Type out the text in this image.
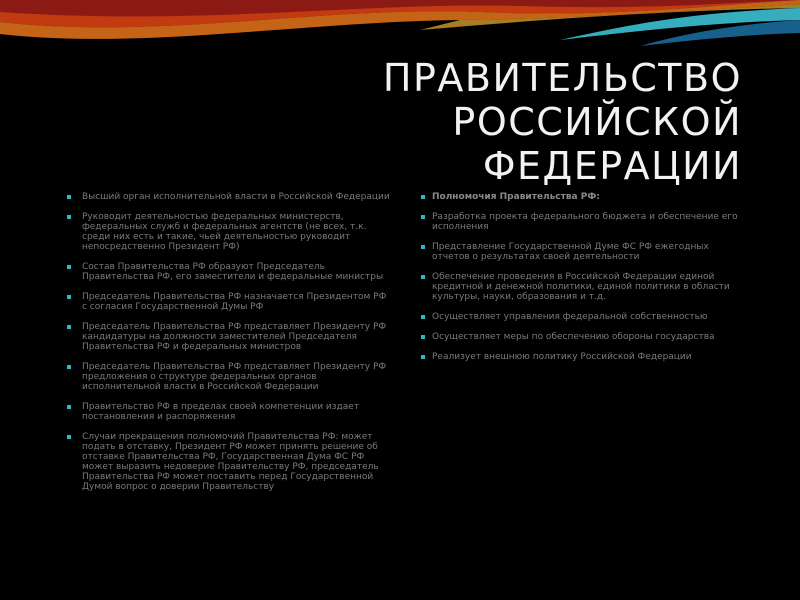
ПРАВИТЕЛЬСТВО
РОССИЙСКОЙ
ФЕДЕРАЦИИ
Высший орган исполнительной власти в Российской Федерации
Руководит деятельностью федеральных министерств, федеральных служб и федеральных агентств (не всех, т.к. среди них есть и такие, чьей деятельностью руководит непосредственно Президент РФ)
Состав Правительства РФ образуют Председатель Правительства РФ, его заместители и федеральные министры
Председатель Правительства РФ назначается Президентом РФ с согласия Государственной Думы РФ
Председатель Правительства РФ представляет Президенту РФ кандидатуры на должности заместителей Председателя Правительства РФ и федеральных министров
Председатель Правительства РФ представляет Президенту РФ предложения о структуре федеральных органов исполнительной власти в Российской Федерации
Правительство РФ в пределах своей компетенции издает постановления и распоряжения
Случаи прекращения полномочий Правительства РФ: может подать в отставку, Президент РФ может принять решение об отставке Правительства РФ, Государственная Дума ФС РФ может выразить недоверие Правительству РФ, председатель Правительства РФ может поставить перед Государственной Думой вопрос о доверии Правительству
Полномочия Правительства РФ:
Разработка проекта федерального бюджета и обеспечение его исполнения
Представление Государственной Думе ФС РФ ежегодных отчетов о результатах своей деятельности
Обеспечение проведения в Российской Федерации единой кредитной и денежной политики, единой политики в области культуры, науки, образования и т.д.
Осуществляет управления федеральной собственностью
Осуществляет меры по обеспечению обороны государства
Реализует внешнюю политику Российской Федерации
